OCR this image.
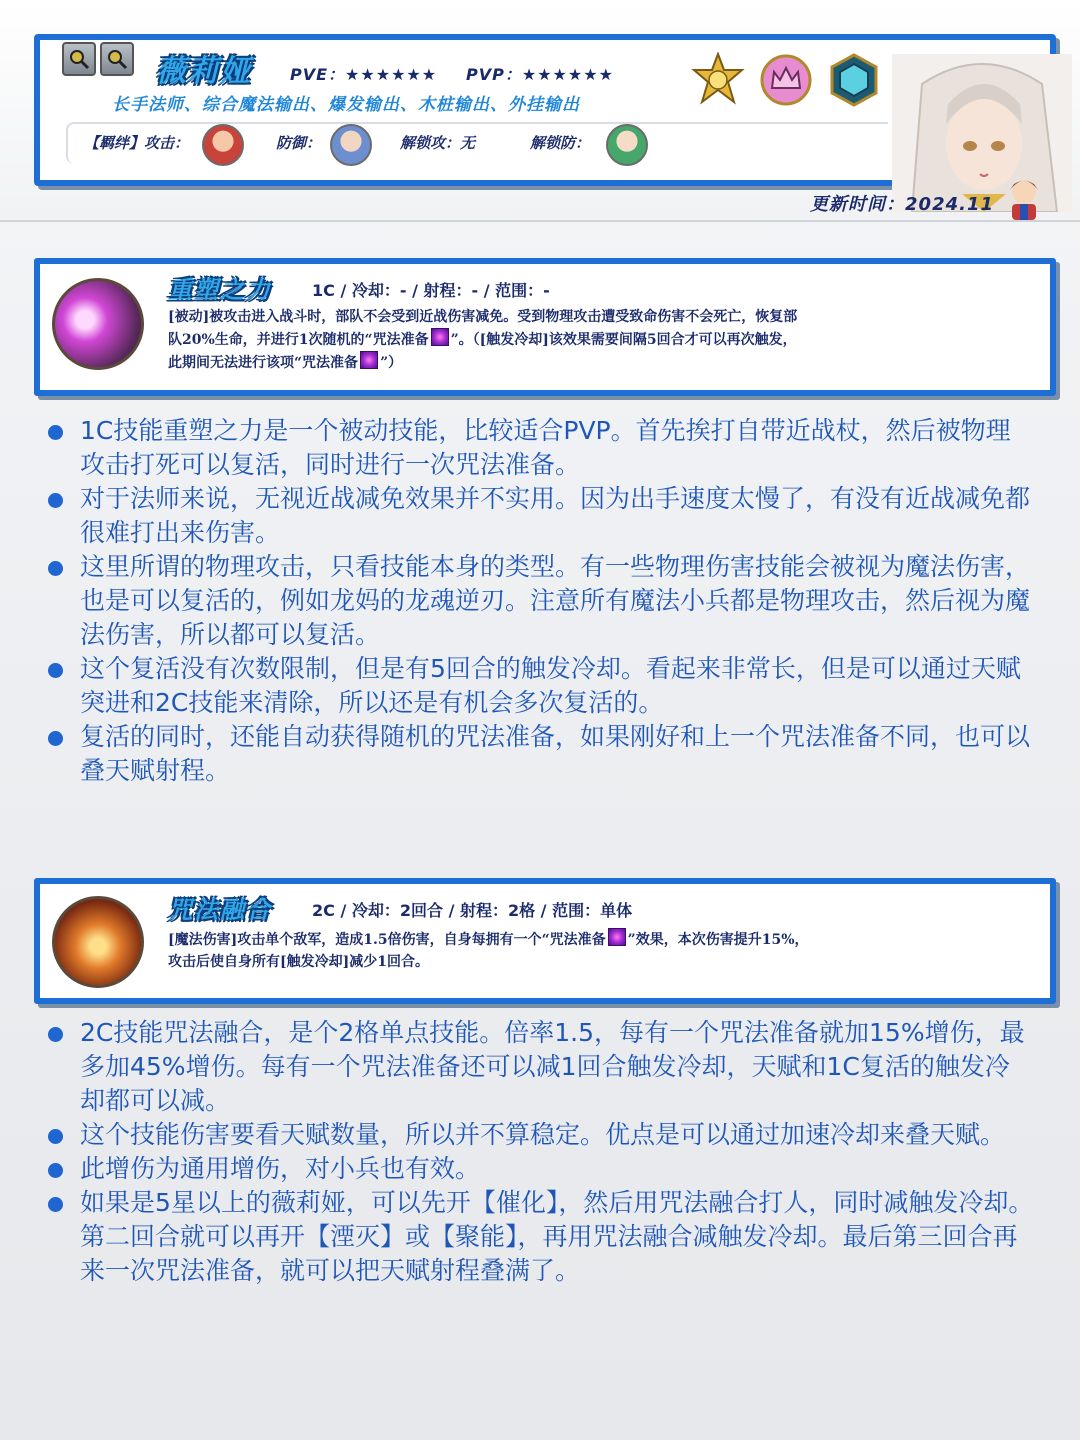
薇莉娅 PVE：★★★★★★ PVP：★★★★★★
长手法师、综合魔法输出、爆发输出、木桩输出、外挂输出
【羁绊】攻击：	防御：	解锁攻：无	解锁防：
更新时间：2024.11
重塑之力	1C / 冷却：- / 射程：- / 范围：-
[被动]被攻击进入战斗时，部队不会受到近战伤害减免。受到物理攻击遭受致命伤害不会死亡，恢复部
队20%生命，并进行1次随机的“咒法准备 ”。（[触发冷却]该效果需要间隔5回合才可以再次触发，
此期间无法进行该项“咒法准备 ”）
1C技能重塑之力是一个被动技能，比较适合PVP。首先挨打自带近战杖，然后被物理攻击打死可以复活，同时进行一次咒法准备。
对于法师来说，无视近战减免效果并不实用。因为出手速度太慢了，有没有近战减免都很难打出来伤害。
这里所谓的物理攻击，只看技能本身的类型。有一些物理伤害技能会被视为魔法伤害，也是可以复活的，例如龙妈的龙魂逆刃。注意所有魔法小兵都是物理攻击，然后视为魔法伤害，所以都可以复活。
这个复活没有次数限制，但是有5回合的触发冷却。看起来非常长，但是可以通过天赋突进和2C技能来清除，所以还是有机会多次复活的。
复活的同时，还能自动获得随机的咒法准备，如果刚好和上一个咒法准备不同，也可以叠天赋射程。
咒法融合	2C / 冷却：2回合 / 射程：2格 / 范围：单体
[魔法伤害]攻击单个敌军，造成1.5倍伤害，自身每拥有一个“咒法准备 ”效果，本次伤害提升15%，
攻击后使自身所有[触发冷却]减少1回合。
2C技能咒法融合，是个2格单点技能。倍率1.5，每有一个咒法准备就加15%增伤，最多加45%增伤。每有一个咒法准备还可以减1回合触发冷却，天赋和1C复活的触发冷却都可以减。
这个技能伤害要看天赋数量，所以并不算稳定。优点是可以通过加速冷却来叠天赋。
此增伤为通用增伤，对小兵也有效。
如果是5星以上的薇莉娅，可以先开【催化】，然后用咒法融合打人，同时减触发冷却。第二回合就可以再开【湮灭】或【聚能】，再用咒法融合减触发冷却。最后第三回合再来一次咒法准备，就可以把天赋射程叠满了。
